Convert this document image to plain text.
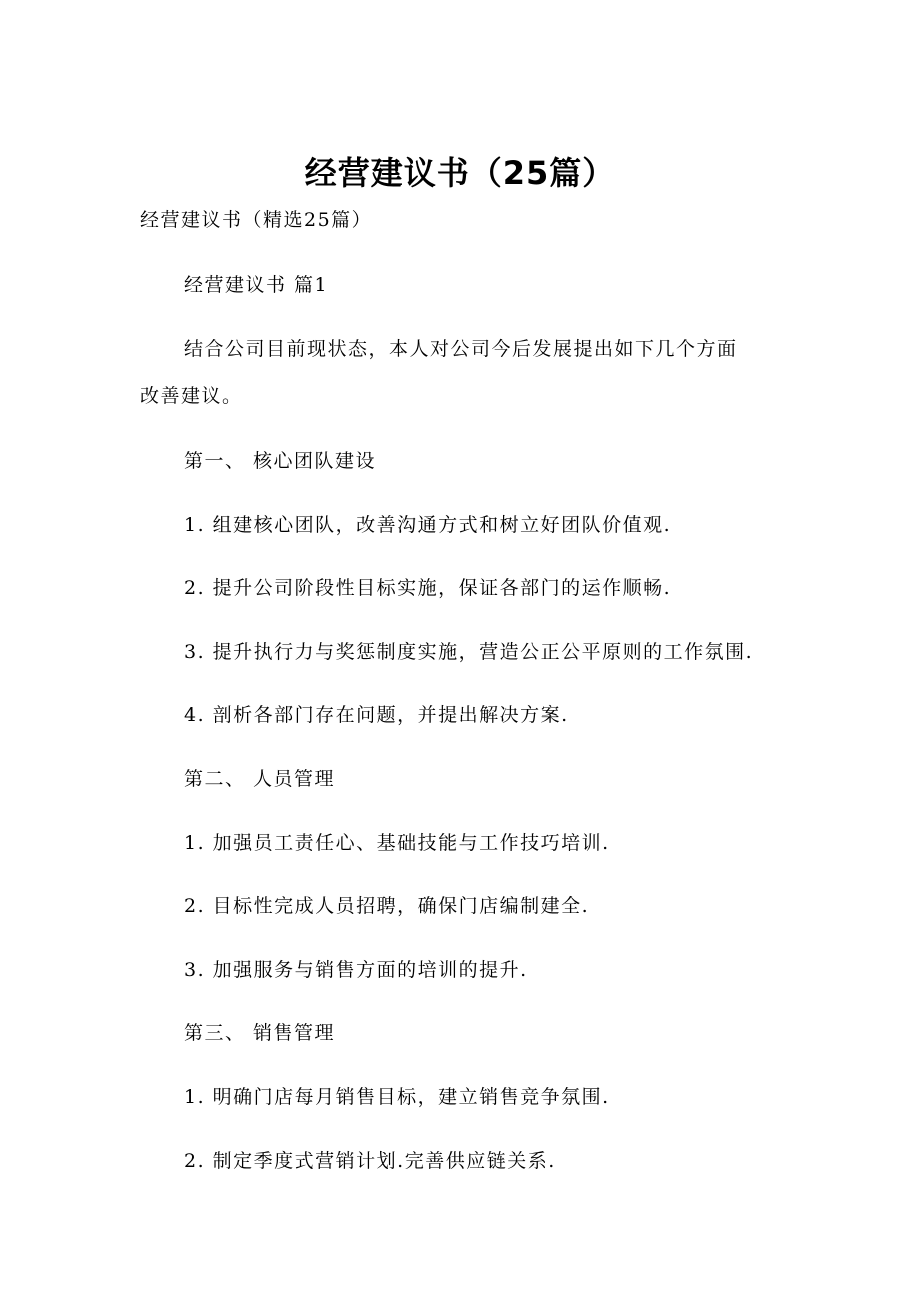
经营建议书（25篇）
经营建议书（精选25篇）
经营建议书 篇1
结合公司目前现状态，本人对公司今后发展提出如下几个方面
改善建议。
第一、 核心团队建设
1. 组建核心团队，改善沟通方式和树立好团队价值观.
2. 提升公司阶段性目标实施，保证各部门的运作顺畅.
3. 提升执行力与奖惩制度实施，营造公正公平原则的工作氛围.
4. 剖析各部门存在问题，并提出解决方案.
第二、 人员管理
1. 加强员工责任心、基础技能与工作技巧培训.
2. 目标性完成人员招聘，确保门店编制建全.
3. 加强服务与销售方面的培训的提升.
第三、 销售管理
1. 明确门店每月销售目标，建立销售竞争氛围.
2. 制定季度式营销计划.完善供应链关系.
